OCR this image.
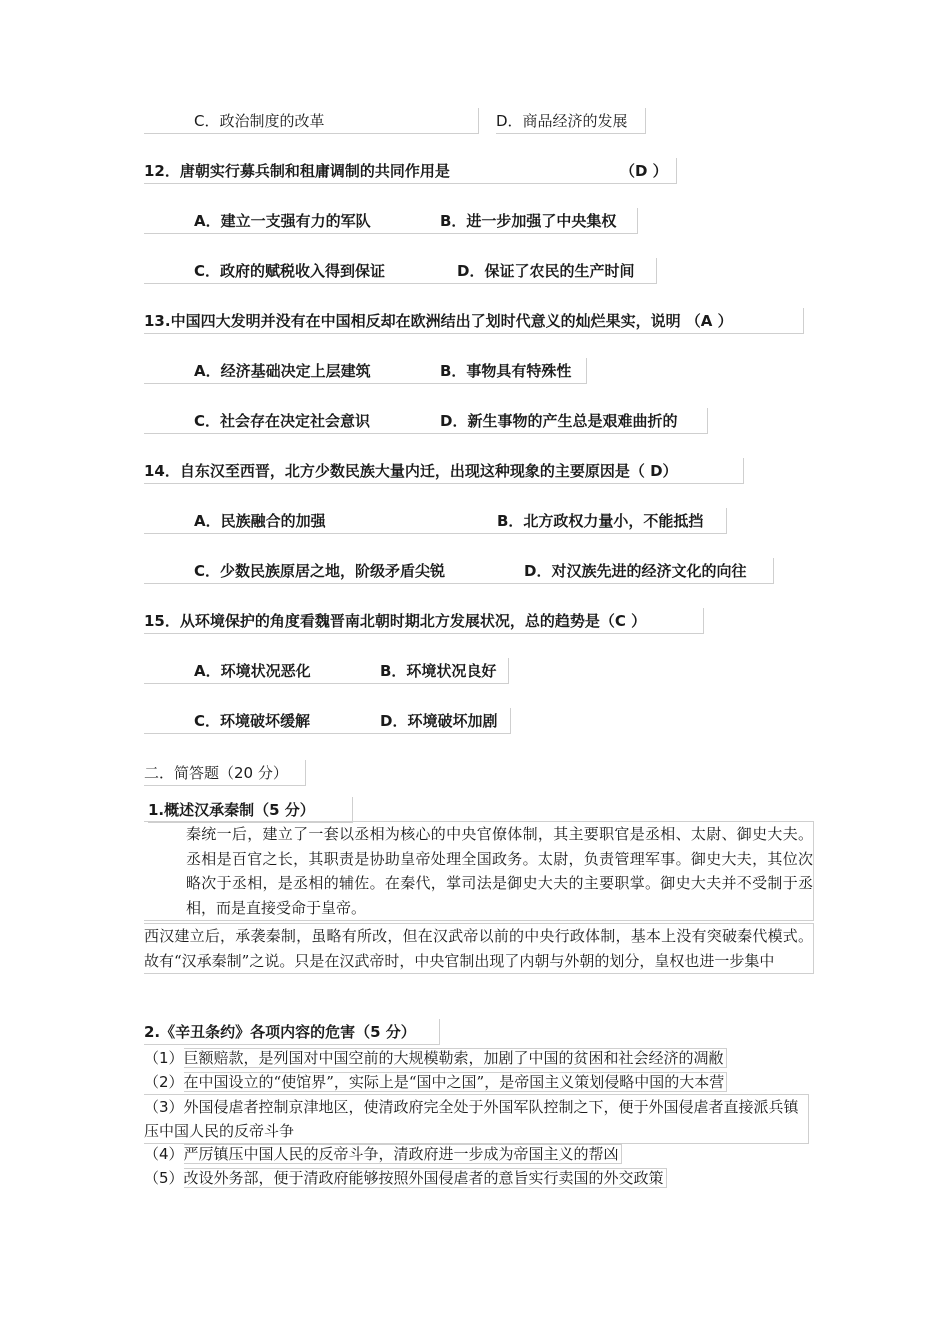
C．政治制度的改革	D．商品经济的发展
12．唐朝实行募兵制和租庸调制的共同作用是	（D ）
A．建立一支强有力的军队	B．进一步加强了中央集权
C．政府的赋税收入得到保证	D．保证了农民的生产时间
13.中国四大发明并没有在中国相反却在欧洲结出了划时代意义的灿烂果实，说明 （A ）
A．经济基础决定上层建筑	B．事物具有特殊性
C．社会存在决定社会意识	D．新生事物的产生总是艰难曲折的
14．自东汉至西晋，北方少数民族大量内迁，出现这种现象的主要原因是（ D）
A．民族融合的加强	B．北方政权力量小，不能抵挡
C．少数民族原居之地，阶级矛盾尖锐	D．对汉族先进的经济文化的向往
15．从环境保护的角度看魏晋南北朝时期北方发展状况，总的趋势是（C ）
A．环境状况恶化	B．环境状况良好
C．环境破坏缓解	D．环境破坏加剧
二．简答题（20 分）
1.概述汉承秦制（5 分）
秦统一后，建立了一套以丞相为核心的中央官僚体制，其主要职官是丞相、太尉、御史大夫。丞相是百官之长，其职责是协助皇帝处理全国政务。太尉，负责管理军事。御史大夫，其位次略次于丞相，是丞相的辅佐。在秦代，掌司法是御史大夫的主要职掌。御史大夫并不受制于丞相，而是直接受命于皇帝。
西汉建立后，承袭秦制，虽略有所改，但在汉武帝以前的中央行政体制，基本上没有突破秦代模式。故有“汉承秦制”之说。只是在汉武帝时，中央官制出现了内朝与外朝的划分，皇权也进一步集中
2.《辛丑条约》各项内容的危害（5 分）
（1）巨额赔款，是列国对中国空前的大规模勒索，加剧了中国的贫困和社会经济的凋敝
（2）在中国设立的“使馆界”，实际上是“国中之国”，是帝国主义策划侵略中国的大本营
（3）外国侵虐者控制京津地区，使清政府完全处于外国军队控制之下，便于外国侵虐者直接派兵镇压中国人民的反帝斗争
（4）严厉镇压中国人民的反帝斗争，清政府进一步成为帝国主义的帮凶
（5）改设外务部，便于清政府能够按照外国侵虐者的意旨实行卖国的外交政策
